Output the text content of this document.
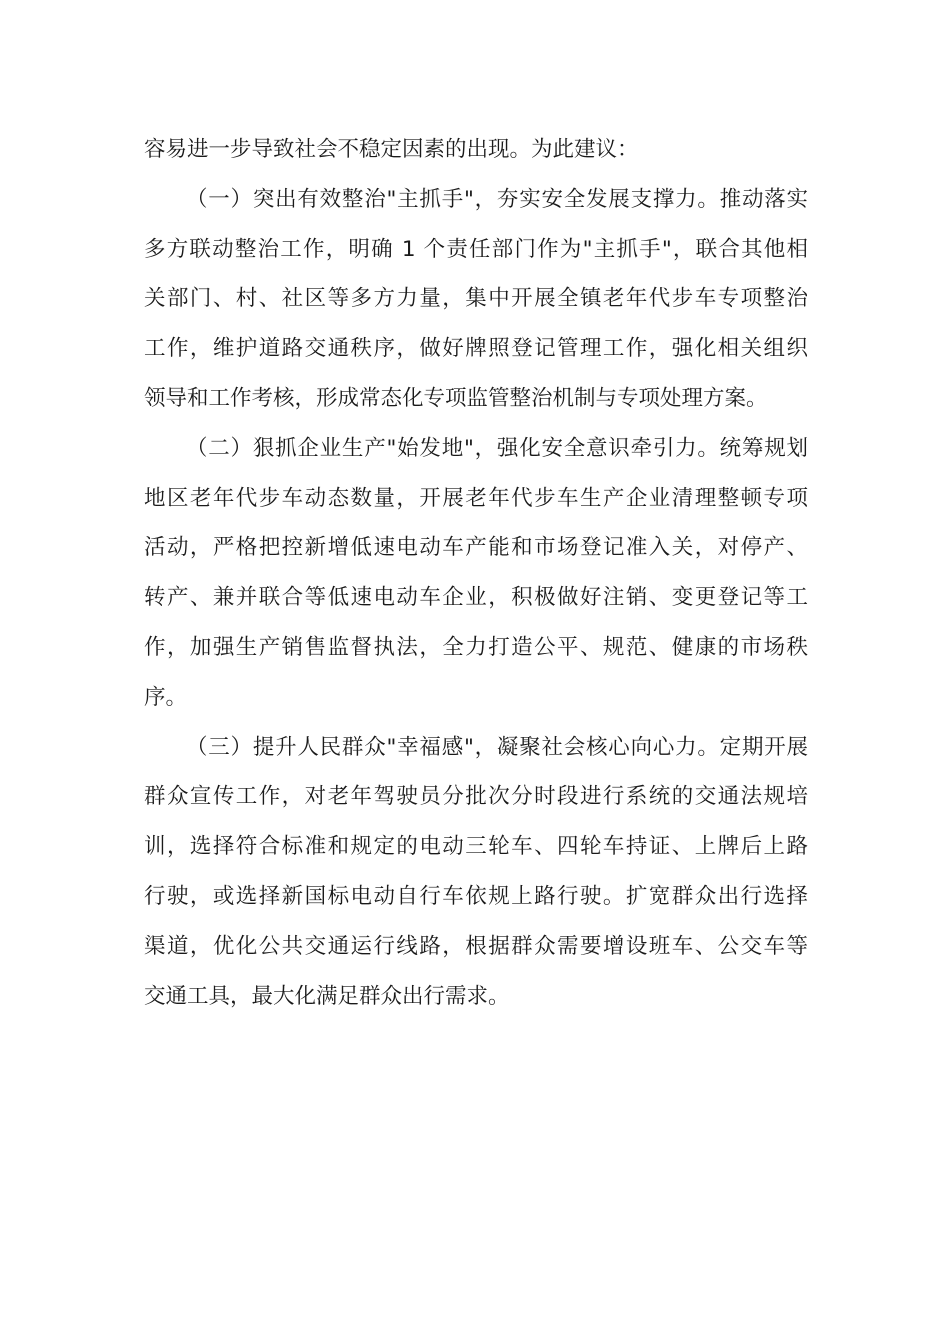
容易进一步导致社会不稳定因素的出现。为此建议：
（一）突出有效整治"主抓手"，夯实安全发展支撑力。推动落实
多方联动整治工作，明确 1 个责任部门作为"主抓手"，联合其他相
关部门、村、社区等多方力量，集中开展全镇老年代步车专项整治
工作，维护道路交通秩序，做好牌照登记管理工作，强化相关组织
领导和工作考核，形成常态化专项监管整治机制与专项处理方案。
（二）狠抓企业生产"始发地"，强化安全意识牵引力。统筹规划
地区老年代步车动态数量，开展老年代步车生产企业清理整顿专项
活动，严格把控新增低速电动车产能和市场登记准入关，对停产、
转产、兼并联合等低速电动车企业，积极做好注销、变更登记等工
作，加强生产销售监督执法，全力打造公平、规范、健康的市场秩
序。
（三）提升人民群众"幸福感"，凝聚社会核心向心力。定期开展
群众宣传工作，对老年驾驶员分批次分时段进行系统的交通法规培
训，选择符合标准和规定的电动三轮车、四轮车持证、上牌后上路
行驶，或选择新国标电动自行车依规上路行驶。扩宽群众出行选择
渠道，优化公共交通运行线路，根据群众需要增设班车、公交车等
交通工具，最大化满足群众出行需求。
